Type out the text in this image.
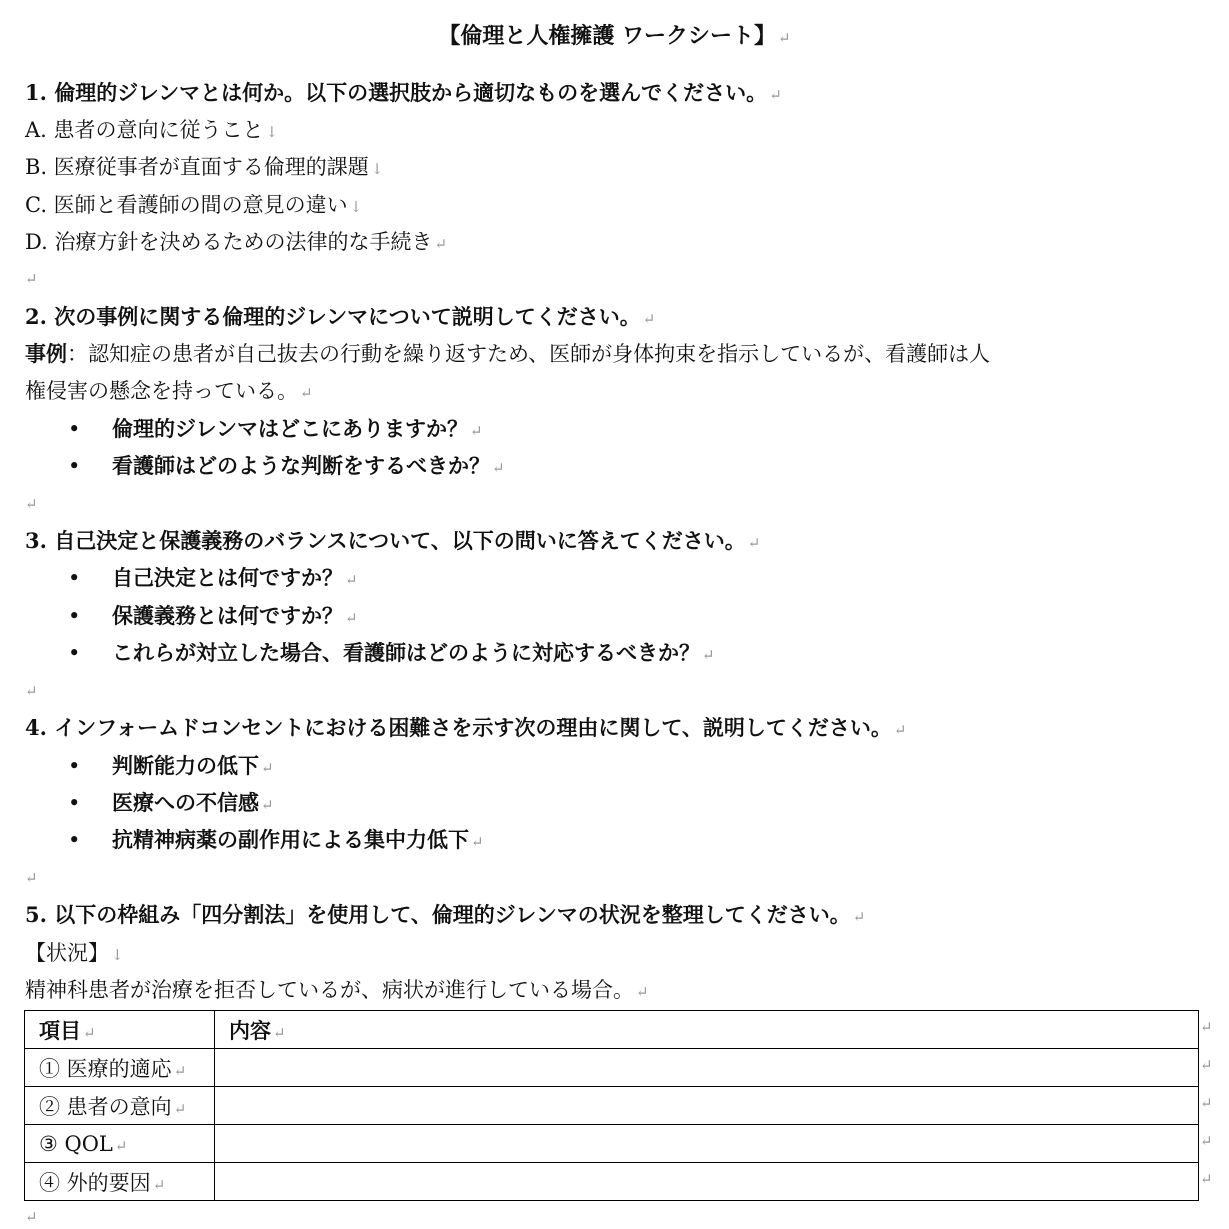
【倫理と人権擁護 ワークシート】 ↵
1. 倫理的ジレンマとは何か。以下の選択肢から適切なものを選んでください。 ↵
A. 患者の意向に従うこと ↓
B. 医療従事者が直面する倫理的課題 ↓
C. 医師と看護師の間の意見の違い ↓
D. 治療方針を決めるための法律的な手続き ↵
↵
2. 次の事例に関する倫理的ジレンマについて説明してください。 ↵
事例：認知症の患者が自己抜去の行動を繰り返すため、医師が身体拘束を指示しているが、看護師は人
権侵害の懸念を持っている。 ↵
• 倫理的ジレンマはどこにありますか？ ↵
• 看護師はどのような判断をするべきか？ ↵
↵
3. 自己決定と保護義務のバランスについて、以下の問いに答えてください。 ↵
• 自己決定とは何ですか？ ↵
• 保護義務とは何ですか？ ↵
• これらが対立した場合、看護師はどのように対応するべきか？ ↵
↵
4. インフォームドコンセントにおける困難さを示す次の理由に関して、説明してください。 ↵
• 判断能力の低下 ↵
• 医療への不信感 ↵
• 抗精神病薬の副作用による集中力低下 ↵
↵
5. 以下の枠組み「四分割法」を使用して、倫理的ジレンマの状況を整理してください。 ↵
【状況】 ↓
精神科患者が治療を拒否しているが、病状が進行している場合。 ↵
項目 ↵	内容 ↵
① 医療的適応 ↵	
② 患者の意向 ↵	
③ QOL ↵	
④ 外的要因 ↵	
↵
↵
↵
↵
↵
↵
